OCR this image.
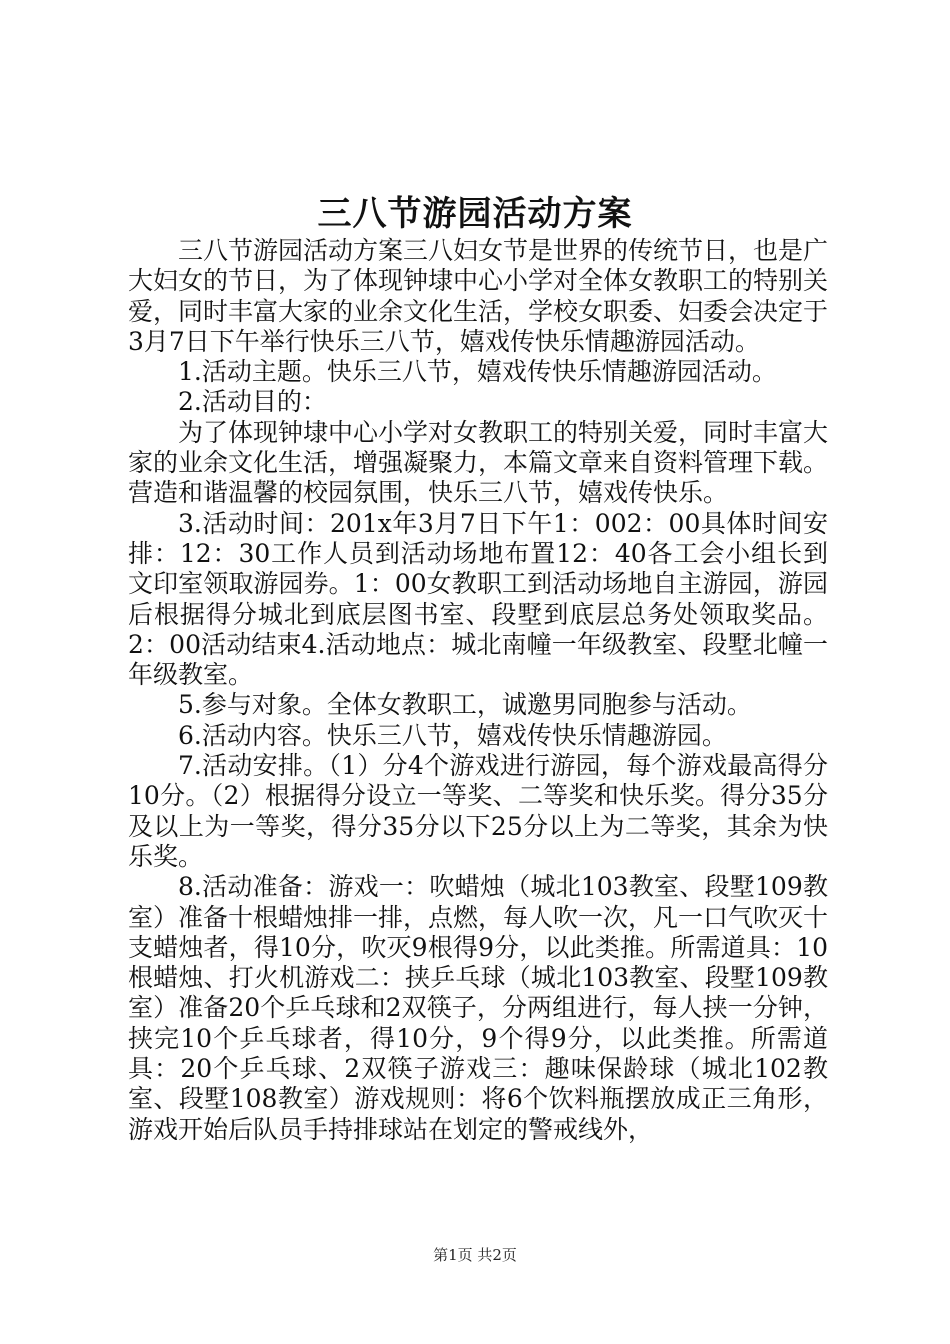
三八节游园活动方案

三八节游园活动方案三八妇女节是世界的传统节日，也是广大妇女的节日，为了体现钟埭中心小学对全体女教职工的特别关爱，同时丰富大家的业余文化生活，学校女职委、妇委会决定于3月7日下午举行快乐三八节，嬉戏传快乐情趣游园活动。

1.活动主题。快乐三八节，嬉戏传快乐情趣游园活动。

2.活动目的：

为了体现钟埭中心小学对女教职工的特别关爱，同时丰富大家的业余文化生活，增强凝聚力，本篇文章来自资料管理下载。营造和谐温馨的校园氛围，快乐三八节，嬉戏传快乐。

3.活动时间：201x年3月7日下午1：002：00具体时间安排：12：30工作人员到活动场地布置12：40各工会小组长到文印室领取游园券。1：00女教职工到活动场地自主游园，游园后根据得分城北到底层图书室、段墅到底层总务处领取奖品。2：00活动结束4.活动地点：城北南幢一年级教室、段墅北幢一年级教室。

5.参与对象。全体女教职工，诚邀男同胞参与活动。

6.活动内容。快乐三八节，嬉戏传快乐情趣游园。

7.活动安排。（1）分4个游戏进行游园，每个游戏最高得分10分。（2）根据得分设立一等奖、二等奖和快乐奖。得分35分及以上为一等奖，得分35分以下25分以上为二等奖，其余为快乐奖。

8.活动准备：游戏一：吹蜡烛（城北103教室、段墅109教室）准备十根蜡烛排一排，点燃，每人吹一次，凡一口气吹灭十支蜡烛者，得10分，吹灭9根得9分，以此类推。所需道具：10根蜡烛、打火机游戏二：挟乒乓球（城北103教室、段墅109教室）准备20个乒乓球和2双筷子，分两组进行，每人挟一分钟，挟完10个乒乓球者，得10分，9个得9分，以此类推。所需道具：20个乒乓球、2双筷子游戏三：趣味保龄球（城北102教室、段墅108教室）游戏规则：将6个饮料瓶摆放成正三角形，游戏开始后队员手持排球站在划定的警戒线外，

第1页 共2页
